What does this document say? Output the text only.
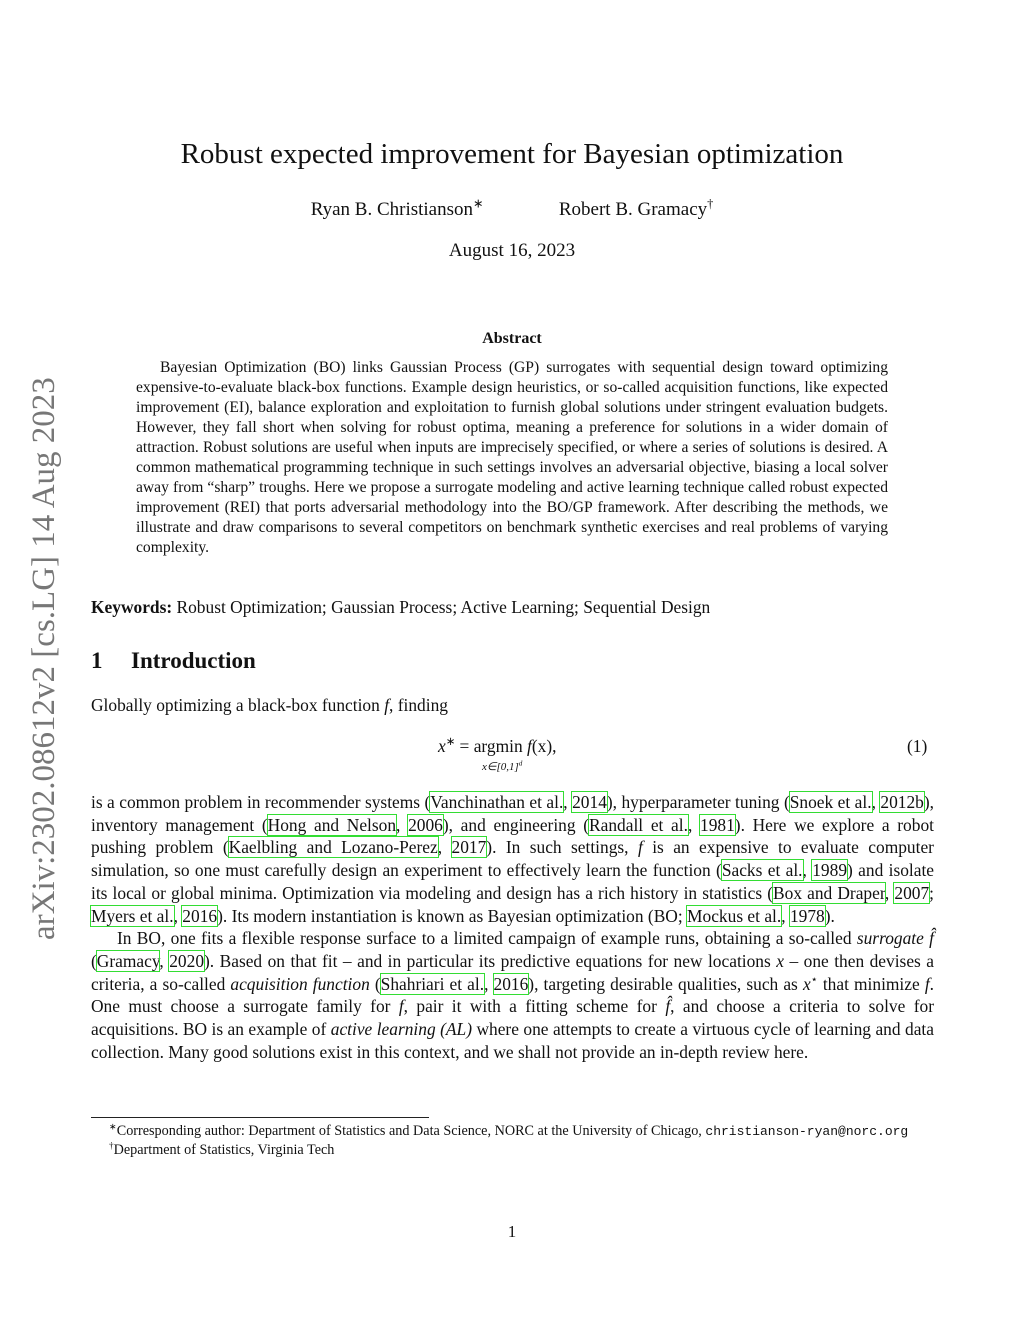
arXiv:2302.08612v2 [cs.LG] 14 Aug 2023
Robust expected improvement for Bayesian optimization
Ryan B. Christianson∗	Robert B. Gramacy†
August 16, 2023
Abstract
Bayesian Optimization (BO) links Gaussian Process (GP) surrogates with sequential design toward optimizing expensive-to-evaluate black-box functions. Example design heuristics, or so-called acquisition functions, like expected improvement (EI), balance exploration and exploitation to furnish global solutions under stringent evaluation budgets. However, they fall short when solving for robust optima, meaning a preference for solutions in a wider domain of attraction. Robust solutions are useful when inputs are imprecisely specified, or where a series of solutions is desired. A common mathematical programming technique in such settings involves an adversarial objective, biasing a local solver away from “sharp” troughs. Here we propose a surrogate modeling and active learning technique called robust expected improvement (REI) that ports adversarial methodology into the BO/GP framework. After describing the methods, we illustrate and draw comparisons to several competitors on benchmark synthetic exercises and real problems of varying complexity.
Keywords: Robust Optimization; Gaussian Process; Active Learning; Sequential Design
1 Introduction
Globally optimizing a black-box function f, finding
x∗ = argmin f(x),
$x\in[0,1]^d$
(1)

is a common problem in recommender systems (Vanchinathan et al., 2014), hyperparameter tuning (Snoek et al., 2012b), inventory management (Hong and Nelson, 2006), and engineering (Randall et al., 1981). Here we explore a robot pushing problem (Kaelbling and Lozano-Perez, 2017). In such settings, f is an expensive to evaluate computer simulation, so one must carefully design an experiment to effectively learn the function (Sacks et al., 1989) and isolate its local or global minima. Optimization via modeling and design has a rich history in statistics (Box and Draper, 2007; Myers et al., 2016). Its modern instantiation is known as Bayesian optimization (BO; Mockus et al., 1978).

In BO, one fits a flexible response surface to a limited campaign of example runs, obtaining a so-called surrogate f̂ (Gramacy, 2020). Based on that fit – and in particular its predictive equations for new locations x – one then devises a criteria, a so-called acquisition function (Shahriari et al., 2016), targeting desirable qualities, such as x⋆ that minimize f. One must choose a surrogate family for f, pair it with a fitting scheme for f̂, and choose a criteria to solve for acquisitions. BO is an example of active learning (AL) where one attempts to create a virtuous cycle of learning and data collection. Many good solutions exist in this context, and we shall not provide an in-depth review here.

∗Corresponding author: Department of Statistics and Data Science, NORC at the University of Chicago, christianson-ryan@norc.org

†Department of Statistics, Virginia Tech

1
